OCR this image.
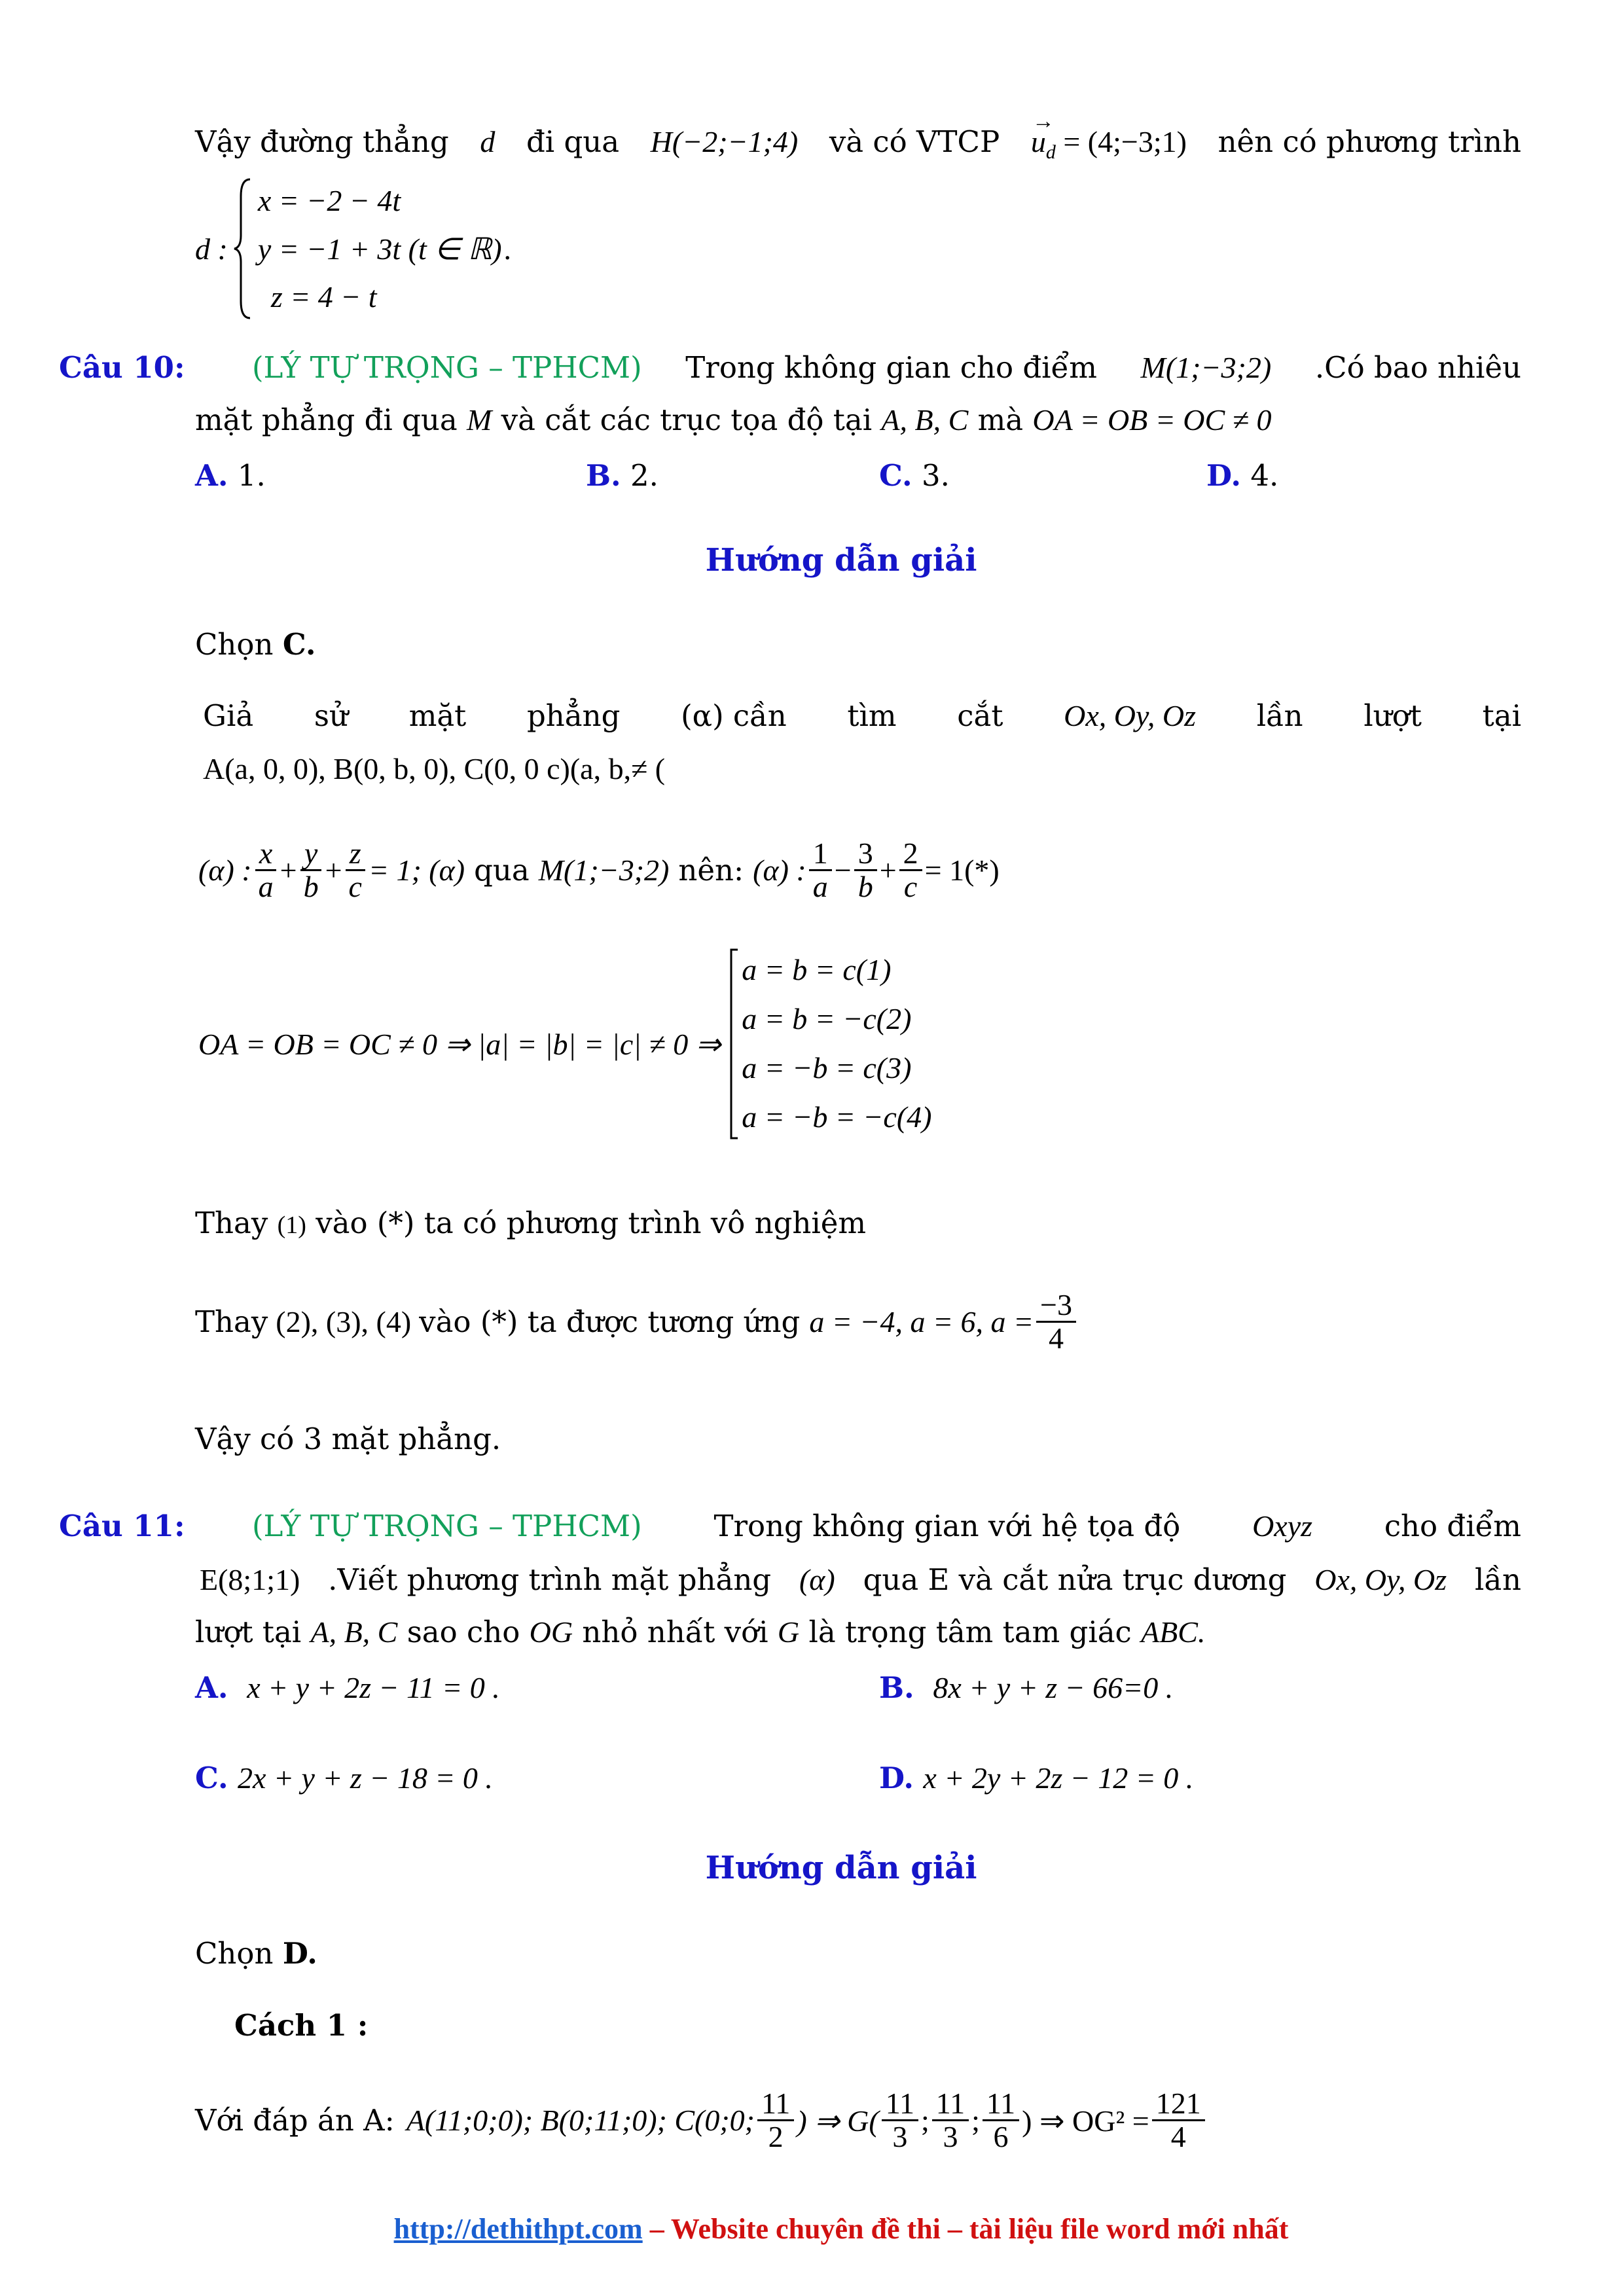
Vậy đường thẳng d đi qua H(−2;−1;4) và có VTCP
→
$u_d$ = (4;−3;1) nên có phương trình
d :
x = −2 − 4t
y = −1 + 3t (t ∈ ℝ)
z = 4 − t
.
Câu 10: (LÝ TỰ TRỌNG – TPHCM) Trong không gian cho điểm M(1;−3;2) .Có bao nhiêu
mặt phẳng đi qua M và cắt các trục tọa độ tại A, B, C mà OA = OB = OC ≠ 0
A. 1.	B. 2.	C. 3.	D. 4.
Hướng dẫn giải
Chọn C.
Giả sử mặt phẳng (α) cần tìm cắt Ox, Oy, Oz lần lượt tại
A(a, 0, 0), B(0, b, 0), C(0, 0 c)(a, b,≠ (
(α) : $\frac{x}{a} + \frac{y}{b} + \frac{z}{c} = 1$; (α) qua M(1;−3;2) nên: (α) : $\frac{1}{a} - \frac{3}{b} + \frac{2}{c} = 1(*)$
OA = OB = OC ≠ 0 ⇒ |a| = |b| = |c| ≠ 0 ⇒
a = b = c(1)
a = b = −c(2)
a = −b = c(3)
a = −b = −c(4)
Thay (1) vào (*) ta có phương trình vô nghiệm
Thay (2), (3), (4) vào (*) ta được tương ứng a = −4, a = 6, $a = \frac{-3}{4}$
Vậy có 3 mặt phẳng.
Câu 11: (LÝ TỰ TRỌNG – TPHCM) Trong không gian với hệ tọa độ Oxyz cho điểm
E(8;1;1) .Viết phương trình mặt phẳng (α) qua E và cắt nửa trục dương Ox, Oy, Oz lần
lượt tại A, B, C sao cho OG nhỏ nhất với G là trọng tâm tam giác ABC.
A. x + y + 2z − 11 = 0 .	B. 8x + y + z − 66=0 .
C. 2x + y + z − 18 = 0 .	D. x + 2y + 2z − 12 = 0 .
Hướng dẫn giải
Chọn D.
Cách 1 :
Với đáp án A: A(11;0;0); B(0;11;0); C(0;0; $\frac{11}{2}$ ) ⇒ $G( \frac{11}{3}$ ; $\frac{11}{3}$ ; $\frac{11}{6}$ ) ⇒ $OG^2 = \frac{121}{4}$
http://dethithpt.com – Website chuyên đề thi – tài liệu file word mới nhất
